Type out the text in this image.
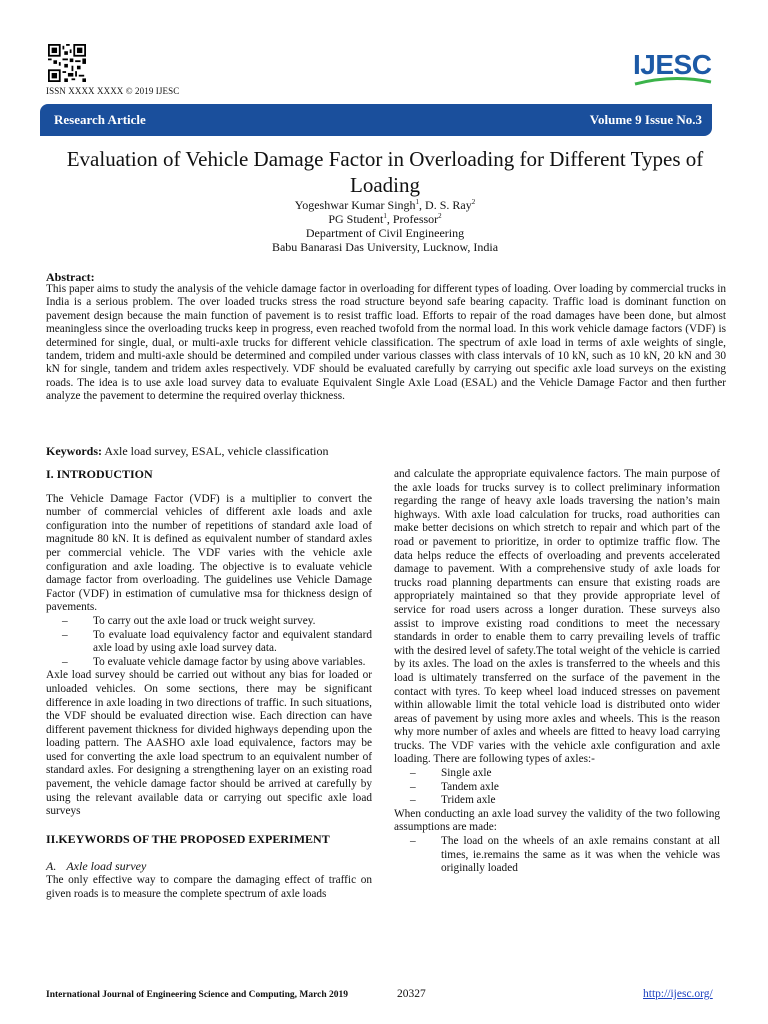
ISSN XXXX XXXX © 2019 IJESC
IJESC
Research Article	Volume 9 Issue No.3
Evaluation of Vehicle Damage Factor in Overloading for Different Types of Loading
Yogeshwar Kumar Singh$^1$, D. S. Ray$^2$
PG Student$^1$, Professor$^2$
Department of Civil Engineering
Babu Banarasi Das University, Lucknow, India
Abstract:
This paper aims to study the analysis of the vehicle damage factor in overloading for different types of loading. Over loading by commercial trucks in India is a serious problem. The over loaded trucks stress the road structure beyond safe bearing capacity. Traffic load is dominant function on pavement design because the main function of pavement is to resist traffic load. Efforts to repair of the road damages have been done, but almost meaningless since the overloading trucks keep in progress, even reached twofold from the normal load. In this work vehicle damage factors (VDF) is determined for single, dual, or multi-axle trucks for different vehicle classification. The spectrum of axle load in terms of axle weights of single, tandem, tridem and multi-axle should be determined and compiled under various classes with class intervals of 10 kN, such as 10 kN, 20 kN and 30 kN for single, tandem and tridem axles respectively. VDF should be evaluated carefully by carrying out specific axle load surveys on the existing roads. The idea is to use axle load survey data to evaluate Equivalent Single Axle Load (ESAL) and the Vehicle Damage Factor and then further analyze the pavement to determine the required overlay thickness.
Keywords: Axle load survey, ESAL, vehicle classification
I. INTRODUCTION
The Vehicle Damage Factor (VDF) is a multiplier to convert the number of commercial vehicles of different axle loads and axle configuration into the number of repetitions of standard axle load of magnitude 80 kN. It is defined as equivalent number of standard axles per commercial vehicle. The VDF varies with the vehicle axle configuration and axle loading. The objective is to evaluate vehicle damage factor from overloading. The guidelines use Vehicle Damage Factor (VDF) in estimation of cumulative msa for thickness design of pavements.
– To carry out the axle load or truck weight survey.
– To evaluate load equivalency factor and equivalent standard axle load by using axle load survey data.
– To evaluate vehicle damage factor by using above variables.
Axle load survey should be carried out without any bias for loaded or unloaded vehicles. On some sections, there may be significant difference in axle loading in two directions of traffic. In such situations, the VDF should be evaluated direction wise. Each direction can have different pavement thickness for divided highways depending upon the loading pattern. The AASHO axle load equivalence, factors may be used for converting the axle load spectrum to an equivalent number of standard axles. For designing a strengthening layer on an existing road pavement, the vehicle damage factor should be arrived at carefully by using the relevant available data or carrying out specific axle load surveys
II.KEYWORDS OF THE PROPOSED EXPERIMENT
A. Axle load survey
The only effective way to compare the damaging effect of traffic on given roads is to measure the complete spectrum of axle loads
and calculate the appropriate equivalence factors. The main purpose of the axle loads for trucks survey is to collect preliminary information regarding the range of heavy axle loads traversing the nation’s main highways. With axle load calculation for trucks, road authorities can make better decisions on which stretch to repair and which part of the road or pavement to prioritize, in order to optimize traffic flow. The data helps reduce the effects of overloading and prevents accelerated damage to pavement. With a comprehensive study of axle loads for trucks road planning departments can ensure that existing roads are appropriately maintained so that they provide appropriate level of service for road users across a longer duration. These surveys also assist to improve existing road conditions to meet the necessary standards in order to enable them to carry prevailing levels of traffic with the desired level of safety.The total weight of the vehicle is carried by its axles. The load on the axles is transferred to the wheels and this load is ultimately transferred on the surface of the pavement in the contact with tyres. To keep wheel load induced stresses on pavement within allowable limit the total vehicle load is distributed onto wider areas of pavement by using more axles and wheels. This is the reason why more number of axles and wheels are fitted to heavy load carrying trucks. The VDF varies with the vehicle axle configuration and axle loading. There are following types of axles:-
– Single axle
– Tandem axle
– Tridem axle
When conducting an axle load survey the validity of the two following assumptions are made:
– The load on the wheels of an axle remains constant at all times, ie.remains the same as it was when the vehicle was originally loaded
International Journal of Engineering Science and Computing, March 2019	20327	http://ijesc.org/
